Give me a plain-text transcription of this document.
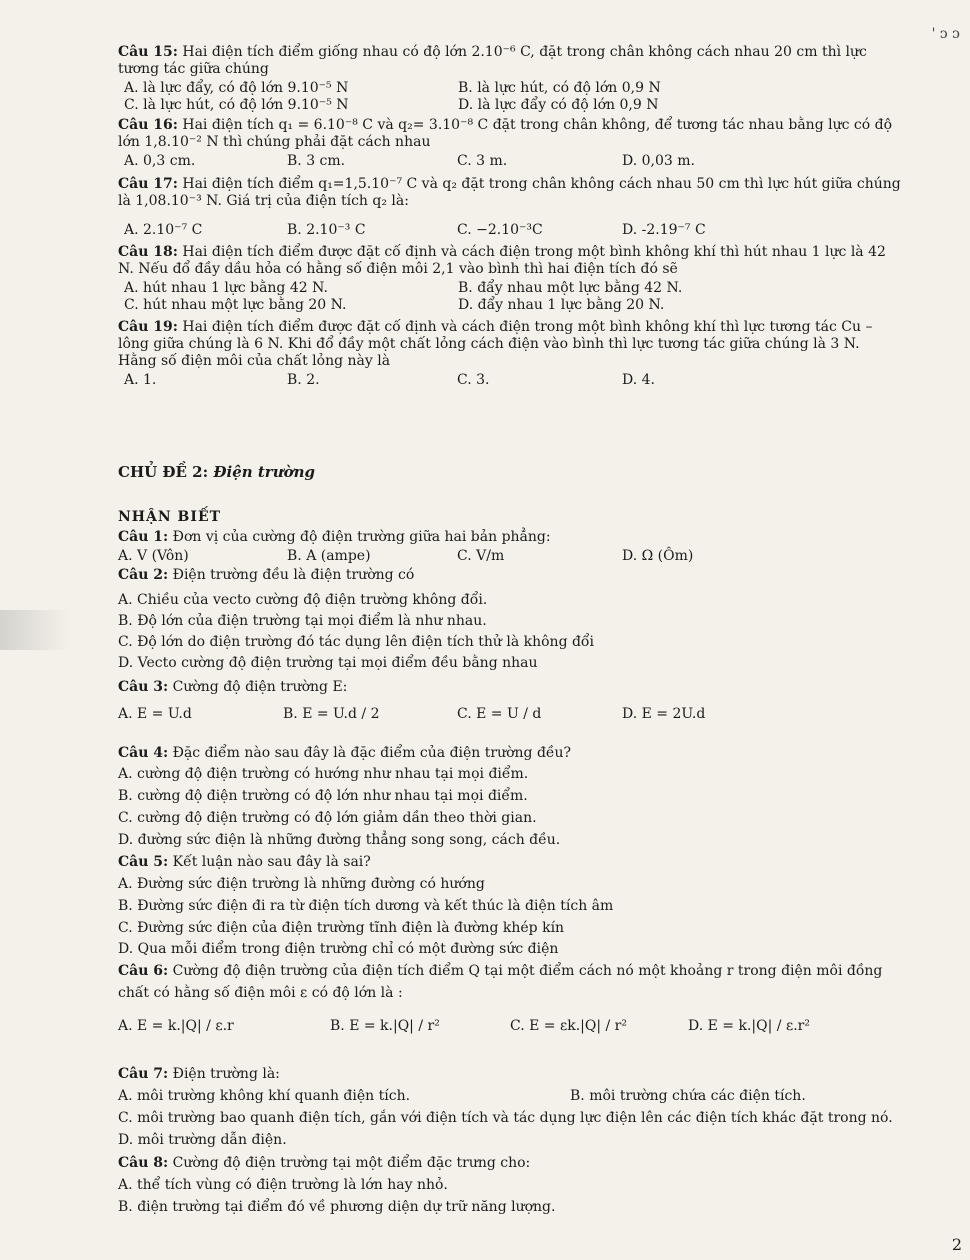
ꞌ ᴐ ᴐ
Câu 15: Hai điện tích điểm giống nhau có độ lớn 2.10⁻⁶ C, đặt trong chân không cách nhau 20 cm thì lực
tương tác giữa chúng
A. là lực đẩy, có độ lớn 9.10⁻⁵ N	B. là lực hút, có độ lớn 0,9 N
C. là lực hút, có độ lớn 9.10⁻⁵ N	D. là lực đẩy có độ lớn 0,9 N
Câu 16: Hai điện tích q₁ = 6.10⁻⁸ C và q₂= 3.10⁻⁸ C đặt trong chân không, để tương tác nhau bằng lực có độ
lớn 1,8.10⁻² N thì chúng phải đặt cách nhau
A. 0,3 cm.	B. 3 cm.	C. 3 m.	D. 0,03 m.
Câu 17: Hai điện tích điểm q₁=1,5.10⁻⁷ C và q₂ đặt trong chân không cách nhau 50 cm thì lực hút giữa chúng
là 1,08.10⁻³ N. Giá trị của điện tích q₂ là:
A. 2.10⁻⁷ C	B. 2.10⁻³ C	C. −2.10⁻³C	D. -2.19⁻⁷ C
Câu 18: Hai điện tích điểm được đặt cố định và cách điện trong một bình không khí thì hút nhau 1 lực là 42
N. Nếu đổ đầy dầu hỏa có hằng số điện môi 2,1 vào bình thì hai điện tích đó sẽ
A. hút nhau 1 lực bằng 42 N.	B. đẩy nhau một lực bằng 42 N.
C. hút nhau một lực bằng 20 N.	D. đẩy nhau 1 lực bằng 20 N.
Câu 19: Hai điện tích điểm được đặt cố định và cách điện trong một bình không khí thì lực tương tác Cu –
lông giữa chúng là 6 N. Khi đổ đầy một chất lỏng cách điện vào bình thì lực tương tác giữa chúng là 3 N.
Hằng số điện môi của chất lỏng này là
A. 1.	B. 2.	C. 3.	D. 4.
CHỦ ĐỀ 2: Điện trường
NHẬN BIẾT
Câu 1: Đơn vị của cường độ điện trường giữa hai bản phẳng:
A. V (Vôn)	B. A (ampe)	C. V/m	D. Ω (Ôm)
Câu 2: Điện trường đều là điện trường có
A. Chiều của vecto cường độ điện trường không đổi.
B. Độ lớn của điện trường tại mọi điểm là như nhau.
C. Độ lớn do điện trường đó tác dụng lên điện tích thử là không đổi
D. Vecto cường độ điện trường tại mọi điểm đều bằng nhau
Câu 3: Cường độ điện trường E:
A. E = U.d	B. E = U.d / 2	C. E = U / d	D. E = 2U.d
Câu 4: Đặc điểm nào sau đây là đặc điểm của điện trường đều?
A. cường độ điện trường có hướng như nhau tại mọi điểm.
B. cường độ điện trường có độ lớn như nhau tại mọi điểm.
C. cường độ điện trường có độ lớn giảm dần theo thời gian.
D. đường sức điện là những đường thẳng song song, cách đều.
Câu 5: Kết luận nào sau đây là sai?
A. Đường sức điện trường là những đường có hướng
B. Đường sức điện đi ra từ điện tích dương và kết thúc là điện tích âm
C. Đường sức điện của điện trường tĩnh điện là đường khép kín
D. Qua mỗi điểm trong điện trường chỉ có một đường sức điện
Câu 6: Cường độ điện trường của điện tích điểm Q tại một điểm cách nó một khoảng r trong điện môi đồng
chất có hằng số điện môi ε có độ lớn là :
A. E = k.|Q| / ε.r	B. E = k.|Q| / r²	C. E = εk.|Q| / r²	D. E = k.|Q| / ε.r²
Câu 7: Điện trường là:
A. môi trường không khí quanh điện tích.	B. môi trường chứa các điện tích.
C. môi trường bao quanh điện tích, gắn với điện tích và tác dụng lực điện lên các điện tích khác đặt trong nó.
D. môi trường dẫn điện.
Câu 8: Cường độ điện trường tại một điểm đặc trưng cho:
A. thể tích vùng có điện trường là lớn hay nhỏ.
B. điện trường tại điểm đó về phương diện dự trữ năng lượng.
2
